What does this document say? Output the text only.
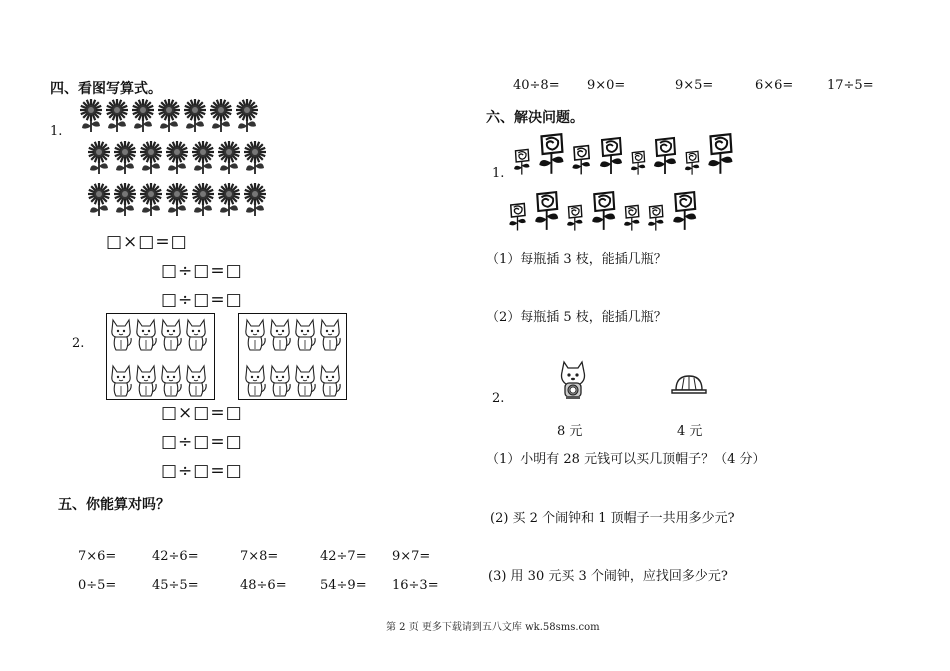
四、看图写算式。
1.
□×□=□
□÷□=□
□÷□=□
2.
□×□=□
□÷□=□
□÷□=□
五、你能算对吗？
7×6=	42÷6=	7×8=	42÷7= 9×7=
0÷5=	45÷5=	48÷6=	54÷9= 16÷3=
40÷8= 9×0=	9×5=	6×6=	17÷5=
六、解决问题。
1.
（1）每瓶插 3 枝，能插几瓶？
（2）每瓶插 5 枝，能插几瓶？
2.
8 元	4 元
（1）小明有 28 元钱可以买几顶帽子？（4 分）
(2) 买 2 个闹钟和 1 顶帽子一共用多少元?
(3) 用 30 元买 3 个闹钟，应找回多少元?
第 2 页 更多下载请到五八文库 wk.58sms.com
